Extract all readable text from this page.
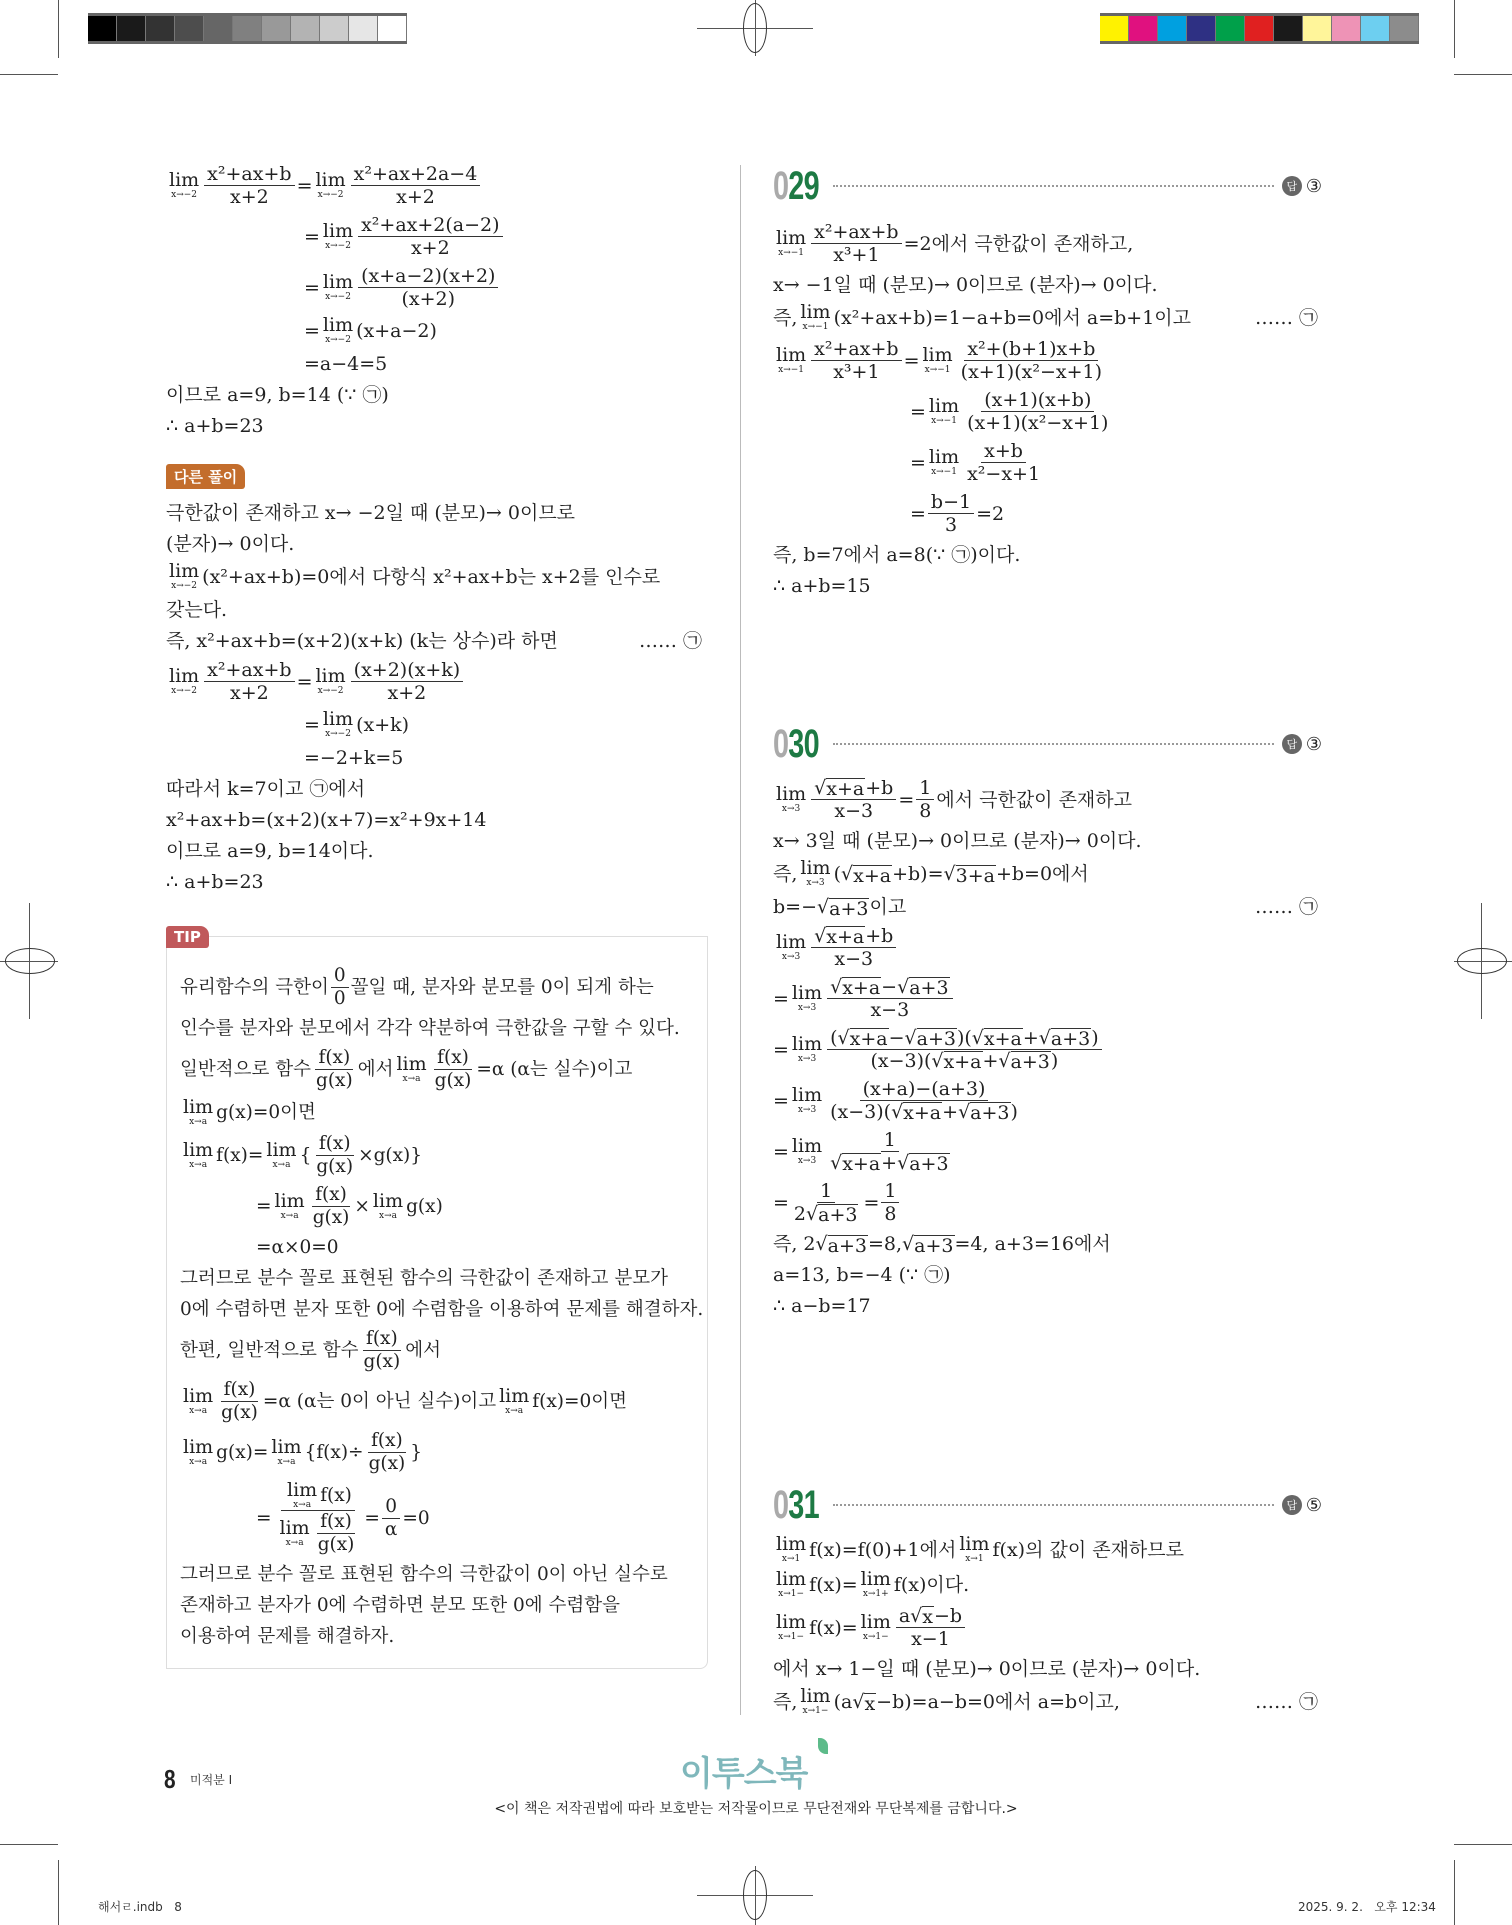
lim
$x\to-2 \frac{\text{x²+ax+b}}{x+2} = \lim$
$x\to-2 \frac{\text{x²+ax+2a−4}}{x+2}$
= lim
$x\to-2 \frac{\text{x²+ax+2(a−2)}}{x+2}$
= lim
$x\to-2 \frac{(x+a-2)(x+2)}{(x+2)}$
= lim
x→−2 (x+a−2)
=a−4=5
이므로 a=9, b=14 (∵ ㉠)
∴ a+b=23
다른 풀이
극한값이 존재하고 x→ −2일 때 (분모)→ 0이므로
(분자)→ 0이다.
lim
x→−2 (x²+ax+b)=0에서 다항식 x²+ax+b는 x+2를 인수로
갖는다.
즉, x²+ax+b=(x+2)(x+k) (k는 상수)라 하면	…… ㉠
lim
$x\to-2 \frac{\text{x²+ax+b}}{x+2} = \lim$
$x\to-2 \frac{(x+2)(x+k)}{x+2}$
= lim
x→−2 (x+k)
=−2+k=5
따라서 k=7이고 ㉠에서
x²+ax+b=(x+2)(x+7)=x²+9x+14
이므로 a=9, b=14이다.
∴ a+b=23
TIP
유리함수의 극한이 $\frac{0}{0}$ 꼴일 때, 분자와 분모를 0이 되게 하는
인수를 분자와 분모에서 각각 약분하여 극한값을 구할 수 있다.
일반적으로 함수 $\frac{f(x)}{g(x)}$ 에서 lim
$x\to a \frac{f(x)}{g(x)} =\alpha$ (α는 실수)이고
lim
x→a g(x)=0이면
lim
x→a f(x)= lim
x→a { $\frac{f(x)}{g(x)} \times g(x)$}
= lim
$x\to a \frac{f(x)}{g(x)} \times \lim$
x→a g(x)
=α×0=0
그러므로 분수 꼴로 표현된 함수의 극한값이 존재하고 분모가
0에 수렴하면 분자 또한 0에 수렴함을 이용하여 문제를 해결하자.
한편, 일반적으로 함수 $\frac{f(x)}{g(x)}$ 에서
lim
$x\to a \frac{f(x)}{g(x)} =\alpha$ (α는 0이 아닌 실수)이고 lim
x→a f(x)=0이면
lim
x→a g(x)= lim
x→a {$f(x)\div \frac{f(x)}{g(x)}$ }
= lim
x→a f(x)
lim
$x\to a \frac{f(x)}{g(x)} = \frac{0}{\alpha} =0$
그러므로 분수 꼴로 표현된 함수의 극한값이 0이 아닌 실수로
존재하고 분자가 0에 수렴하면 분모 또한 0에 수렴함을
이용하여 문제를 해결하자.
029	답 ③
lim
$x\to-1 \frac{\text{x²+ax+b}}{\text{x³+1}} =2$에서 극한값이 존재하고,
x→ −1일 때 (분모)→ 0이므로 (분자)→ 0이다.
즉, lim
x→−1 (x²+ax+b)=1−a+b=0에서 a=b+1이고	…… ㉠
lim
$x\to-1 \frac{\text{x²+ax+b}}{\text{x³+1}} = \lim$
$x\to-1 \frac{\text{x²+(b+1)x+b}}{\text{(x+1)(x²−x+1)}}$
= lim
$x\to-1 \frac{(x+1)(x+b)}{\text{(x+1)(x²−x+1)}}$
= lim
$x\to-1 \frac{x+b}{\text{x²−x+1}}$
= $\frac{b-1}{3} =2$
즉, b=7에서 a=8(∵ ㉠)이다.
∴ a+b=15
030	답 ③
lim
$x\to 3 \frac{√ x+a +b}{x-3} = \frac{1}{8}$ 에서 극한값이 존재하고
x→ 3일 때 (분모)→ 0이므로 (분자)→ 0이다.
즉, lim
x→3 ( √ x+a +b)= √ 3+a +b=0에서
b=− √ a+3 이고	…… ㉠
lim
$x\to 3 \frac{√ x+a +b}{x-3}$
= lim
$x\to 3 \frac{√ x+a - √ a+3}{x-3}$
= lim
$x\to 3 \frac{( √ x+a - √ a+3 )( √ x+a + √ a+3 )}{(x-3)( √ x+a + √ a+3 )}$
= lim
$x\to 3 \frac{(x+a)-(a+3)}{(x-3)( √ x+a + √ a+3 )}$
= lim
$x\to 3 \frac{1}{√ x+a + √ a+3}$
= $\frac{1}{2 √ a+3} = \frac{1}{8}$
즉, 2 √ a+3 =8, √ a+3 =4, a+3=16에서
a=13, b=−4 (∵ ㉠)
∴ a−b=17
031	답 ⑤
lim
x→1 f(x)=f(0)+1에서 lim
x→1 f(x)의 값이 존재하므로
lim
x→1− f(x)= lim
x→1+ f(x)이다.
lim
x→1− f(x)= lim
$x\to 1- \frac{a √ x -b}{x-1}$
에서 x→ 1−일 때 (분모)→ 0이므로 (분자)→ 0이다.
즉, lim
x→1− (a √ x −b)=a−b=0에서 a=b이고,	…… ㉠
8 미적분 I	이투스북
<이 책은 저작권법에 따라 보호받는 저작물이므로 무단전재와 무단복제를 금합니다.>
해서ㄹ.indb   8	2025. 9. 2.   오후 12:34
